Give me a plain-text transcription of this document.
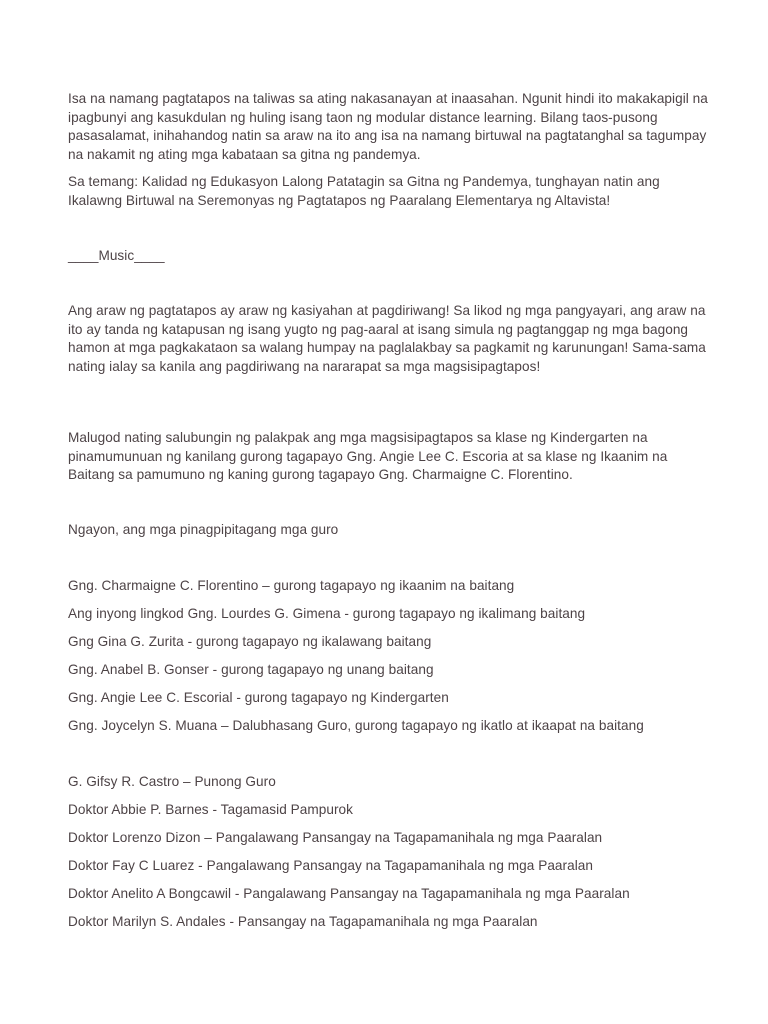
Isa na namang pagtatapos na taliwas sa ating nakasanayan at inaasahan. Ngunit hindi ito makakapigil na ipagbunyi ang kasukdulan ng huling isang taon ng modular distance learning. Bilang taos-pusong pasasalamat, inihahandog natin sa araw na ito ang isa na namang birtuwal na pagtatanghal sa tagumpay na nakamit ng ating mga kabataan sa gitna ng pandemya.

Sa temang: Kalidad ng Edukasyon Lalong Patatagin sa Gitna ng Pandemya, tunghayan natin ang Ikalawng Birtuwal na Seremonyas ng Pagtatapos ng Paaralang Elementarya ng Altavista!

____Music____

Ang araw ng pagtatapos ay araw ng kasiyahan at pagdiriwang! Sa likod ng mga pangyayari, ang araw na ito ay tanda ng katapusan ng isang yugto ng pag-aaral at isang simula ng pagtanggap ng mga bagong hamon at mga pagkakataon sa walang humpay na paglalakbay sa pagkamit ng karunungan! Sama-sama nating ialay sa kanila ang pagdiriwang na nararapat sa mga magsisipagtapos!

Malugod nating salubungin ng palakpak ang mga magsisipagtapos sa klase ng Kindergarten na pinamumunuan ng kanilang gurong tagapayo Gng. Angie Lee C. Escoria at sa klase ng Ikaanim na Baitang sa pamumuno ng kaning gurong tagapayo Gng. Charmaigne C. Florentino.

Ngayon, ang mga pinagpipitagang mga guro

Gng. Charmaigne C. Florentino – gurong tagapayo ng ikaanim na baitang

Ang inyong lingkod Gng. Lourdes G. Gimena - gurong tagapayo ng ikalimang baitang

Gng Gina G. Zurita - gurong tagapayo ng ikalawang baitang

Gng. Anabel B. Gonser - gurong tagapayo ng unang baitang

Gng. Angie Lee C. Escorial - gurong tagapayo ng Kindergarten

Gng. Joycelyn S. Muana – Dalubhasang Guro, gurong tagapayo ng ikatlo at ikaapat na baitang

G. Gifsy R. Castro – Punong Guro

Doktor Abbie P. Barnes - Tagamasid Pampurok

Doktor Lorenzo Dizon – Pangalawang Pansangay na Tagapamanihala ng mga Paaralan

Doktor Fay C Luarez - Pangalawang Pansangay na Tagapamanihala ng mga Paaralan

Doktor Anelito A Bongcawil - Pangalawang Pansangay na Tagapamanihala ng mga Paaralan

Doktor Marilyn S. Andales - Pansangay na Tagapamanihala ng mga Paaralan
